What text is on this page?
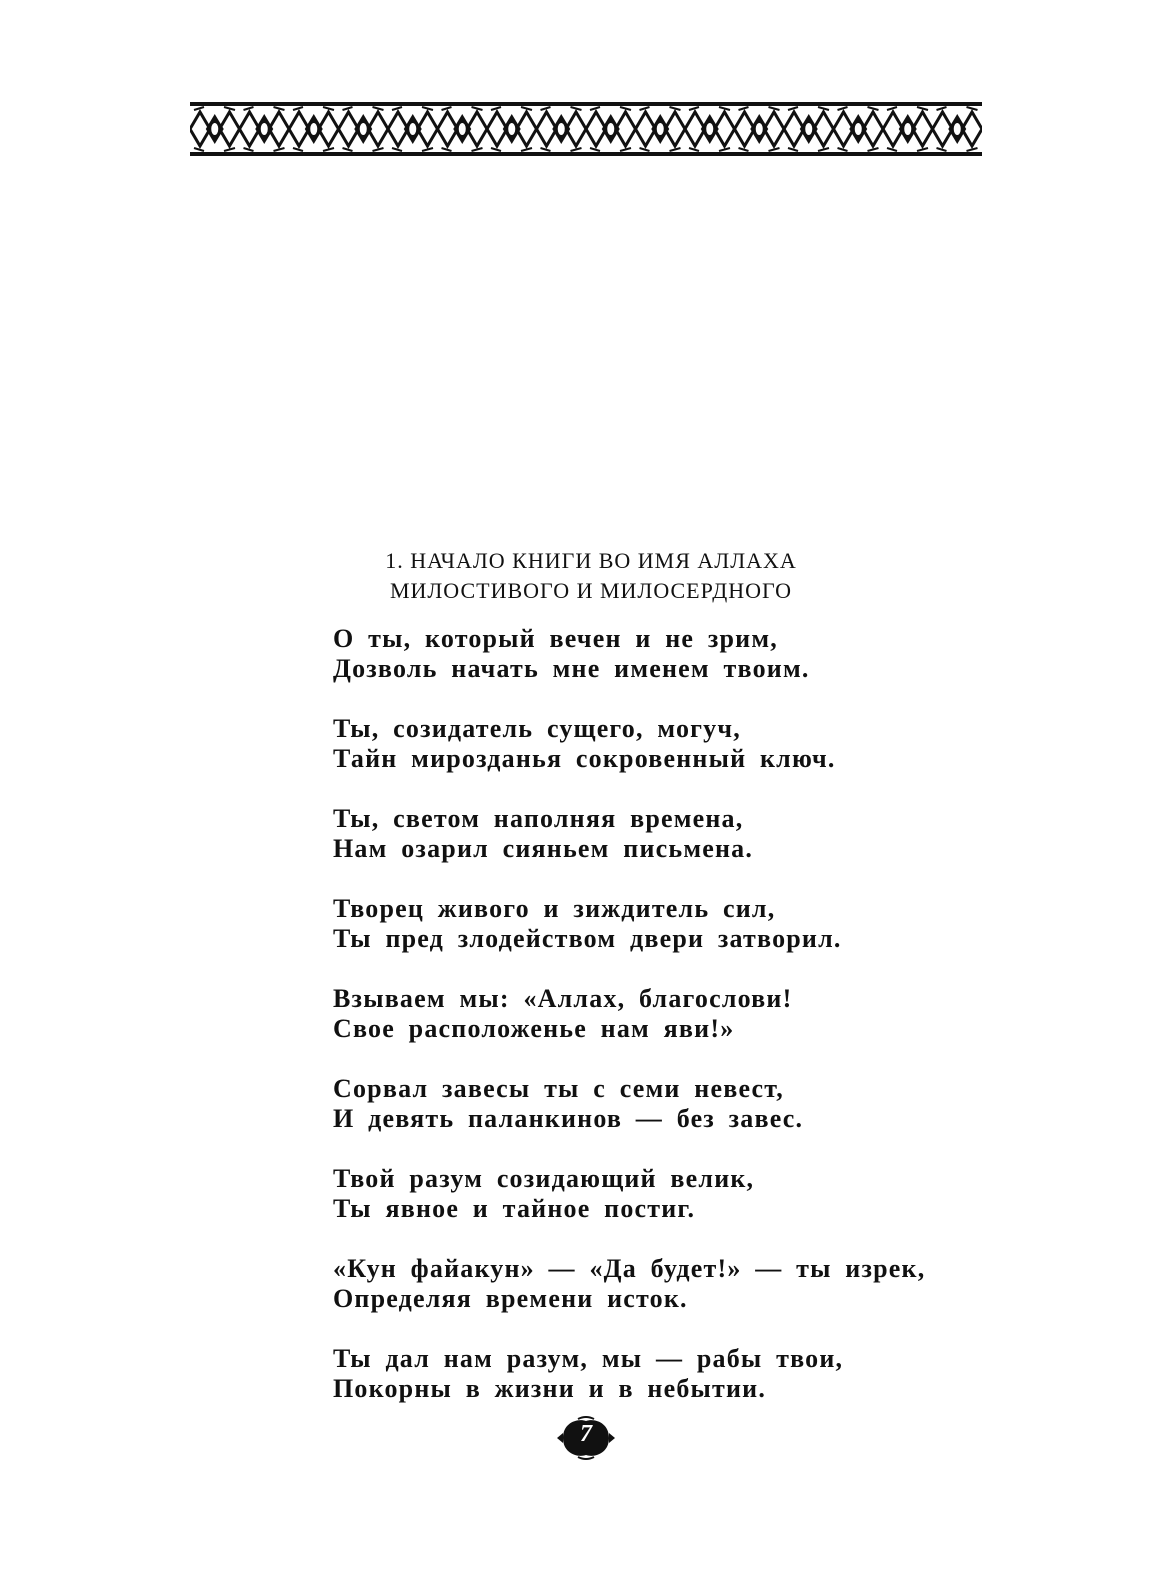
1. НАЧАЛО КНИГИ ВО ИМЯ АЛЛАХА
МИЛОСТИВОГО И МИЛОСЕРДНОГО
О ты, который вечен и не зрим,
Дозволь начать мне именем твоим.
Ты, созидатель сущего, могуч,
Тайн мирозданья сокровенный ключ.
Ты, светом наполняя времена,
Нам озарил сияньем письмена.
Творец живого и зиждитель сил,
Ты пред злодейством двери затворил.
Взываем мы: «Аллах, благослови!
Свое расположенье нам яви!»
Сорвал завесы ты с семи невест,
И девять паланкинов — без завес.
Твой разум созидающий велик,
Ты явное и тайное постиг.
«Кун файакун» — «Да будет!» — ты изрек,
Определяя времени исток.
Ты дал нам разум, мы — рабы твои,
Покорны в жизни и в небытии.
7
